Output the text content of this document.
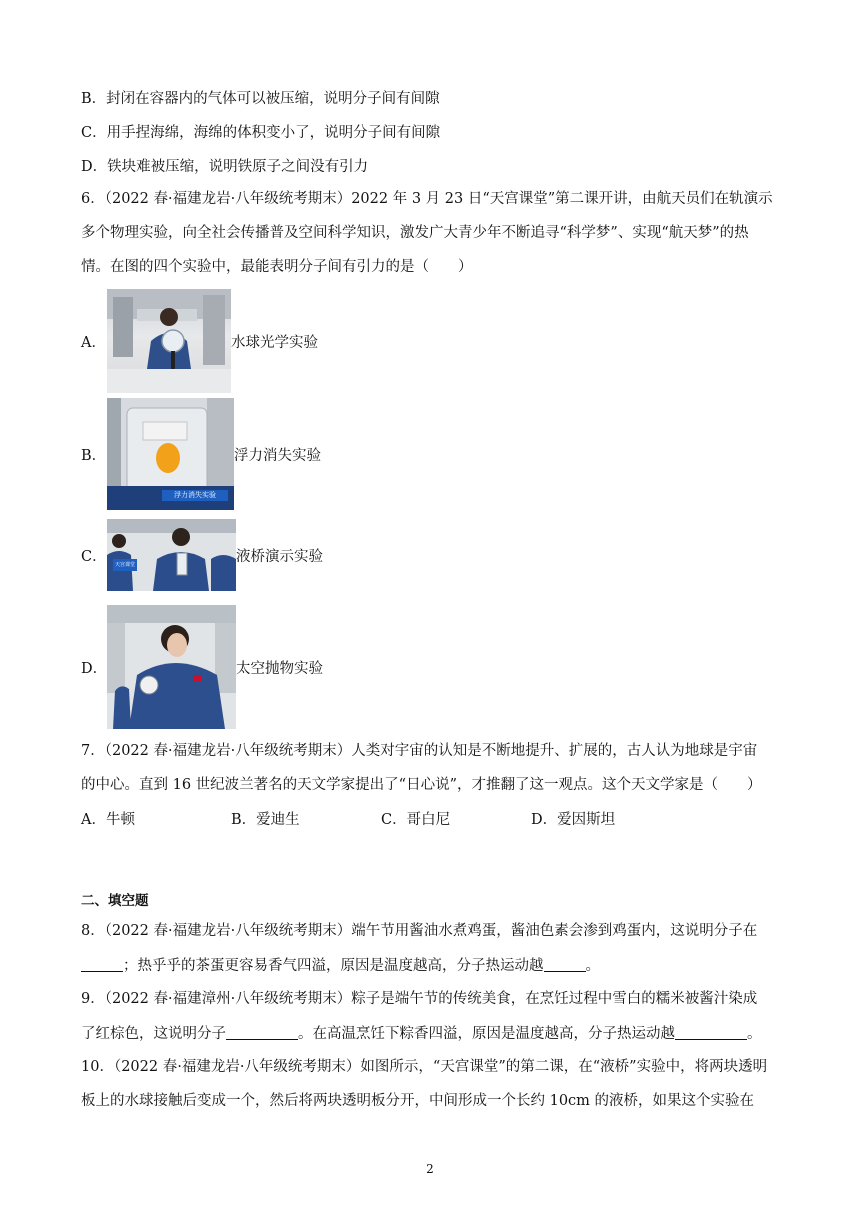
B．封闭在容器内的气体可以被压缩，说明分子间有间隙
C．用手捏海绵，海绵的体积变小了，说明分子间有间隙
D．铁块难被压缩，说明铁原子之间没有引力
6．（2022 春·福建龙岩·八年级统考期末）2022 年 3 月 23 日“天宫课堂”第二课开讲，由航天员们在轨演示
多个物理实验，向全社会传播普及空间科学知识，激发广大青少年不断追寻“科学梦”、实现“航天梦”的热
情。在图的四个实验中，最能表明分子间有引力的是（　　）
A．	水球光学实验
B．
浮力消失实验
浮力消失实验
C．
天宫课堂
液桥演示实验
D．	太空抛物实验
7．（2022 春·福建龙岩·八年级统考期末）人类对宇宙的认知是不断地提升、扩展的，古人认为地球是宇宙
的中心。直到 16 世纪波兰著名的天文学家提出了“日心说”，才推翻了这一观点。这个天文学家是（　　）
A．牛顿	B．爱迪生	C．哥白尼	D．爱因斯坦
二、填空题
8．（2022 春·福建龙岩·八年级统考期末）端午节用酱油水煮鸡蛋，酱油色素会渗到鸡蛋内，这说明分子在
；热乎乎的茶蛋更容易香气四溢，原因是温度越高，分子热运动越	。
9．（2022 春·福建漳州·八年级统考期末）粽子是端午节的传统美食，在烹饪过程中雪白的糯米被酱汁染成
了红棕色，这说明分子	。在高温烹饪下粽香四溢，原因是温度越高，分子热运动越	。
10．（2022 春·福建龙岩·八年级统考期末）如图所示，“天宫课堂”的第二课，在“液桥”实验中，将两块透明
板上的水球接触后变成一个，然后将两块透明板分开，中间形成一个长约 10cm 的液桥，如果这个实验在
2
